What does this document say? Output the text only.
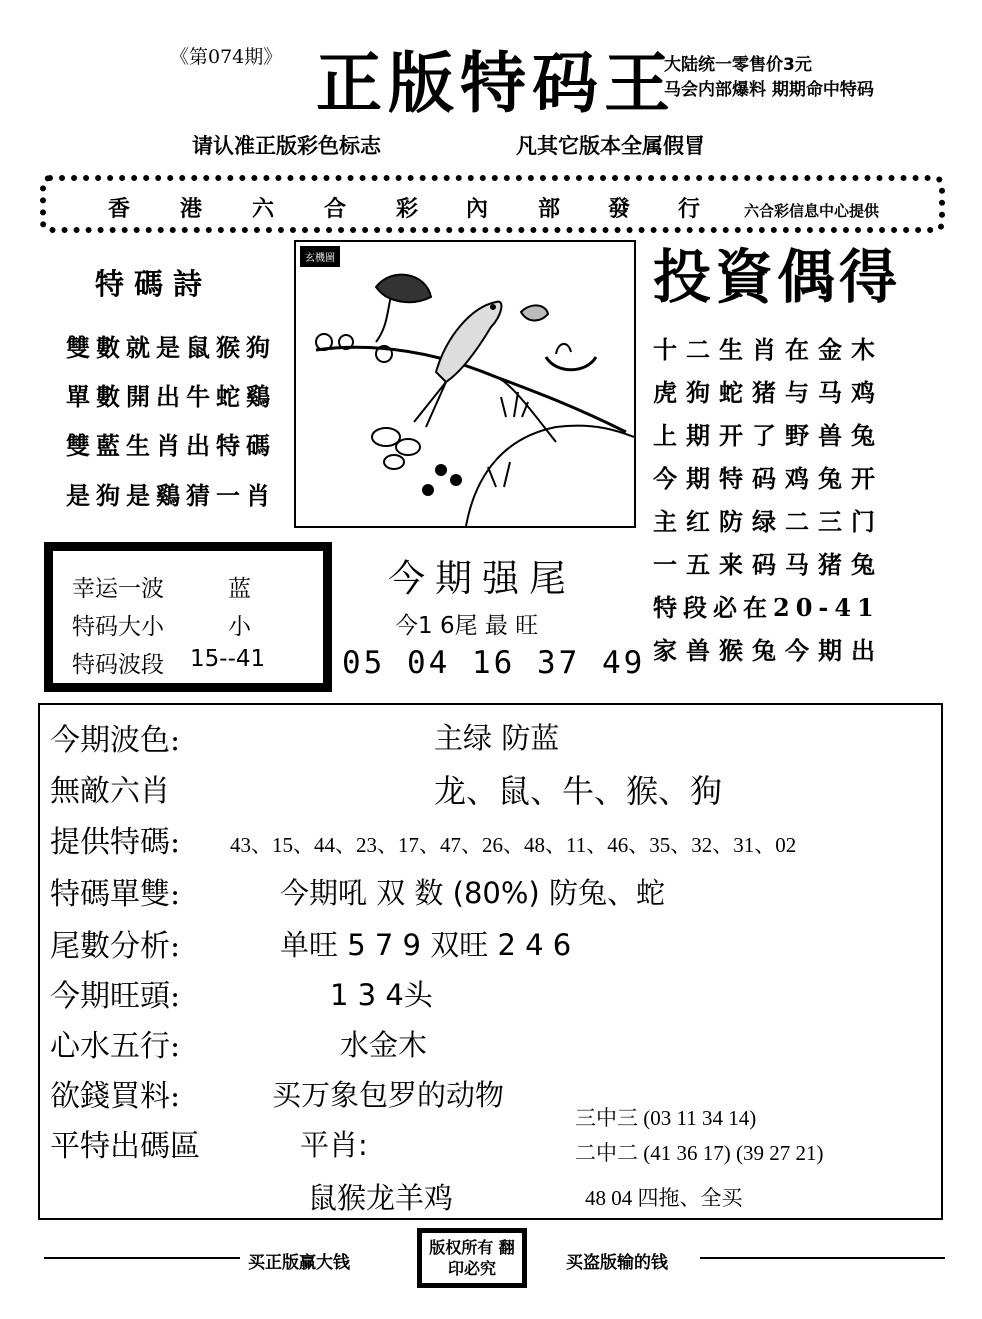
《第074期》 正版特码王
大陆统一零售价3元
马会内部爆料 期期命中特码
请认准正版彩色标志	凡其它版本全属假冒
香 港 六 合 彩 內 部 發 行	六合彩信息中心提供
特碼詩
雙數就是鼠猴狗
單數開出牛蛇鷄
雙藍生肖出特碼
是狗是鷄猜一肖
玄機圖	投資偶得
十二生肖在金木
虎狗蛇猪与马鸡
上期开了野兽兔
今期特码鸡兔开
主红防绿二三门
一五来码马猪兔
特段必在20-41
家兽猴兔今期出
幸运一波	蓝
特码大小	小
特码波段 15--41
今期强尾
今1 6尾 最 旺
05 04 16 37 49
今期波色:	主绿 防蓝
無敵六肖	龙、鼠、牛、猴、狗
提供特碼: 43、15、44、23、17、47、26、48、11、46、35、32、31、02
特碼單雙:	今期吼 双 数 (80%) 防兔、蛇
尾數分析:	单旺 5 7 9 双旺 2 4 6
今期旺頭:	1 3 4头
心水五行:	水金木
欲錢買料:	买万象包罗的动物
平特出碼區	平肖:
三中三 (03 11 34 14)
二中二 (41 36 17) (39 27 21)
鼠猴龙羊鸡	48 04 四拖、全买
买正版赢大钱
版权所有 翻印必究	买盗版输的钱
